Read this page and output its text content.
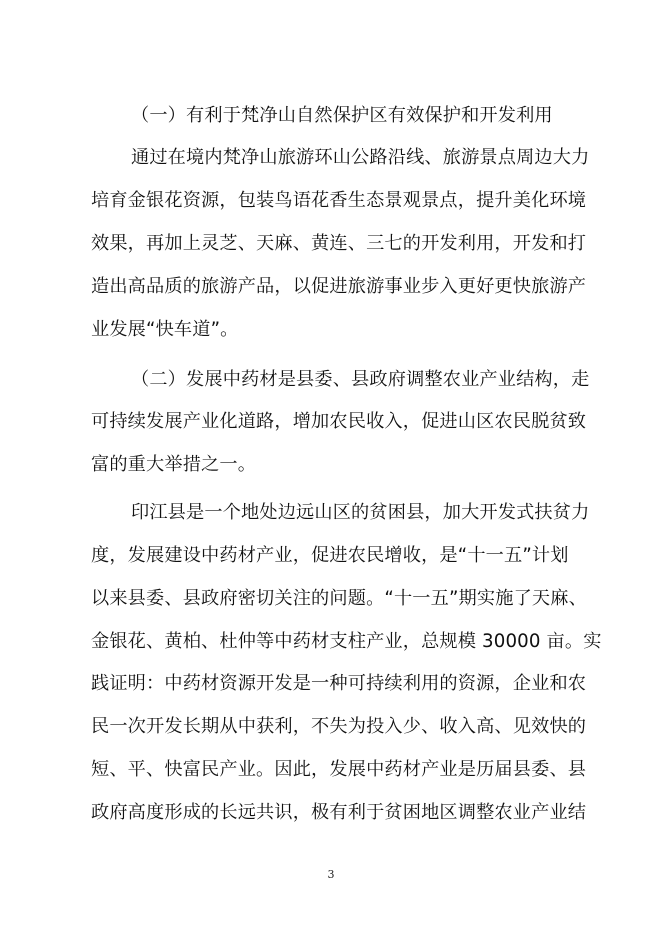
（一）有利于梵净山自然保护区有效保护和开发利用
通过在境内梵净山旅游环山公路沿线、旅游景点周边大力
培育金银花资源，包装鸟语花香生态景观景点，提升美化环境
效果，再加上灵芝、天麻、黄连、三七的开发利用，开发和打
造出高品质的旅游产品，以促进旅游事业步入更好更快旅游产
业发展“快车道”。
（二）发展中药材是县委、县政府调整农业产业结构，走
可持续发展产业化道路，增加农民收入，促进山区农民脱贫致
富的重大举措之一。
印江县是一个地处边远山区的贫困县，加大开发式扶贫力
度，发展建设中药材产业，促进农民增收，是“十一五”计划
以来县委、县政府密切关注的问题。“十一五”期实施了天麻、
金银花、黄柏、杜仲等中药材支柱产业，总规模 30000 亩。实
践证明：中药材资源开发是一种可持续利用的资源，企业和农
民一次开发长期从中获利，不失为投入少、收入高、见效快的
短、平、快富民产业。因此，发展中药材产业是历届县委、县
政府高度形成的长远共识，极有利于贫困地区调整农业产业结
3
